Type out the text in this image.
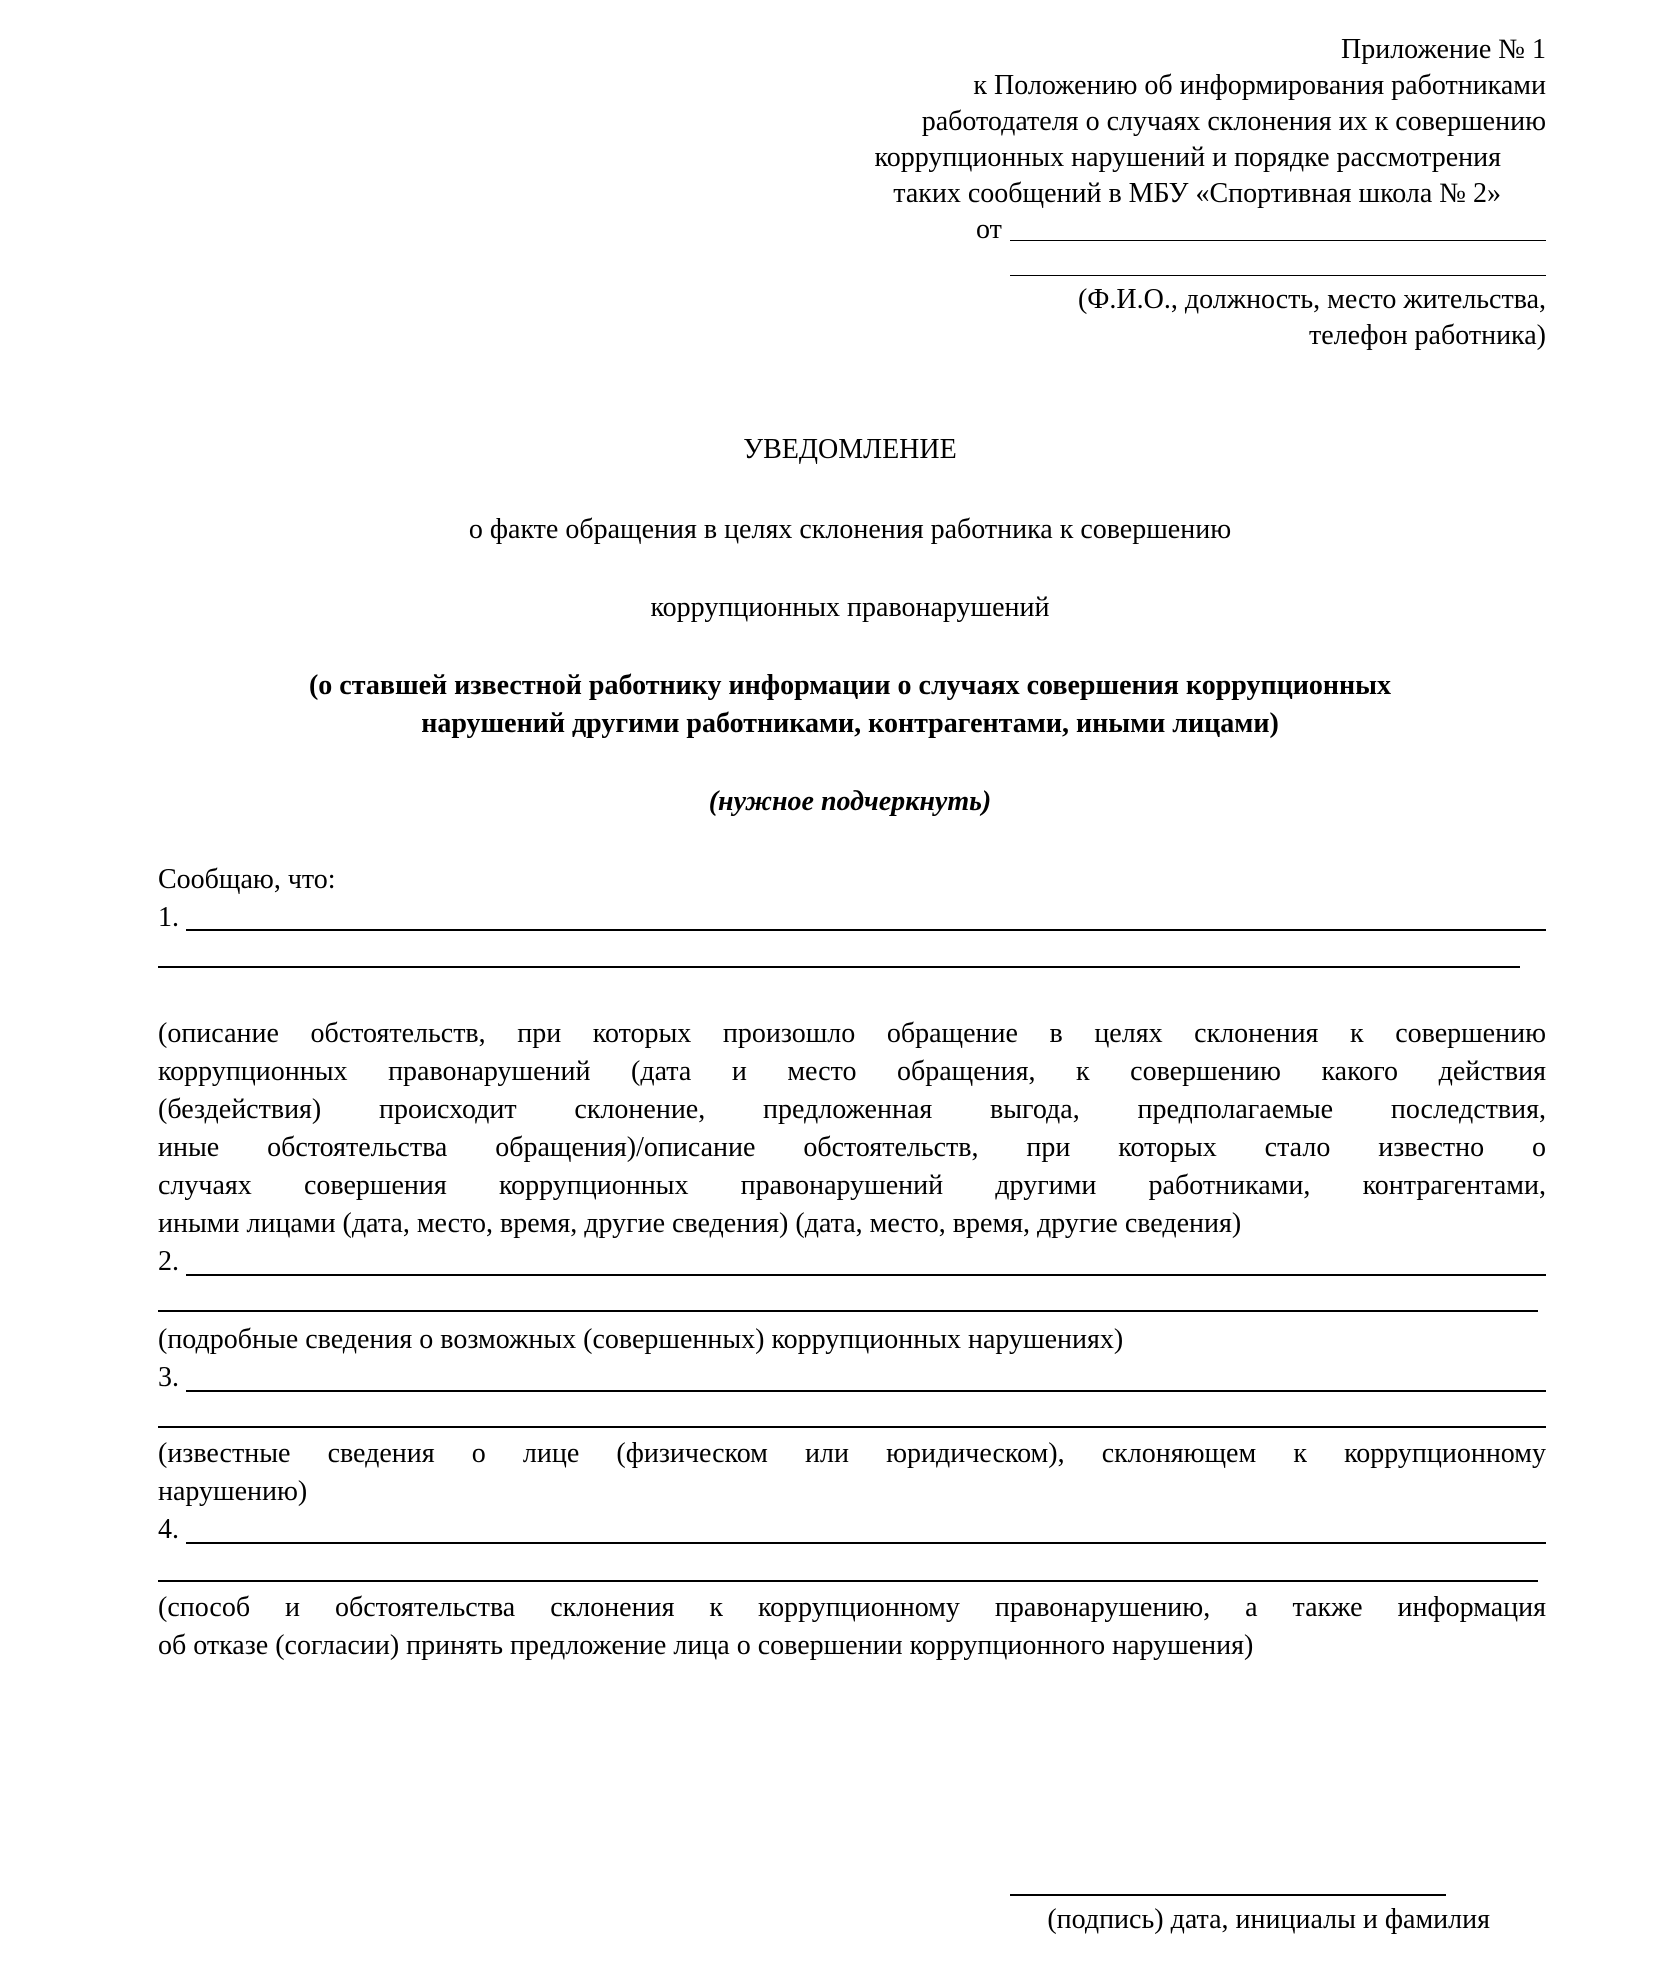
Приложение № 1
к Положению об информирования работниками
работодателя о случаях склонения их к совершению
коррупционных нарушений и порядке рассмотрения
таких сообщений в МБУ «Спортивная школа № 2»
от
(Ф.И.О., должность, место жительства,
телефон работника)
УВЕДОМЛЕНИЕ
о факте обращения в целях склонения работника к совершению
коррупционных правонарушений
(о ставшей известной работнику информации о случаях совершения коррупционных
нарушений другими работниками, контрагентами, иными лицами)
(нужное подчеркнуть)
Сообщаю, что:
1.
(описание обстоятельств, при которых произошло обращение в целях склонения к совершению
коррупционных правонарушений (дата и место обращения, к совершению какого действия
(бездействия) происходит склонение, предложенная выгода, предполагаемые последствия,
иные обстоятельства обращения)/описание обстоятельств, при которых стало известно о
случаях совершения коррупционных правонарушений другими работниками, контрагентами,
иными лицами (дата, место, время, другие сведения) (дата, место, время, другие сведения)
2.
(подробные сведения о возможных (совершенных) коррупционных нарушениях)
3.
(известные сведения о лице (физическом или юридическом), склоняющем к коррупционному
нарушению)
4.
(способ и обстоятельства склонения к коррупционному правонарушению, а также информация
об отказе (согласии) принять предложение лица о совершении коррупционного нарушения)
(подпись) дата, инициалы и фамилия
